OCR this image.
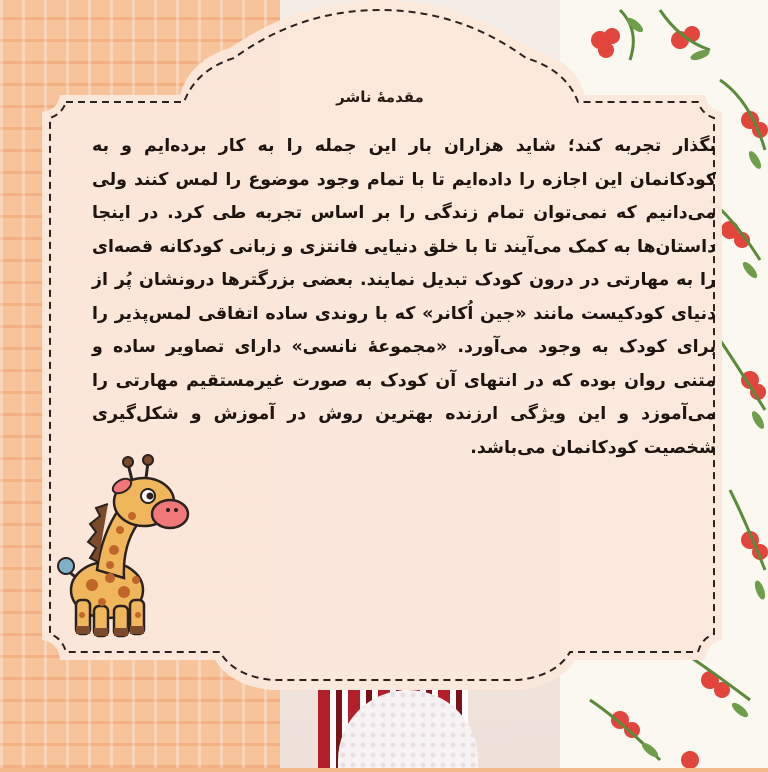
مقدمهٔ ناشر
بگذار تجربه کند؛ شاید هزاران بار این جمله را به کار برده‌ایم و به کودکانمان این اجازه را داده‌ایم تا با تمام وجود موضوع را لمس کنند ولی می‌دانیم که نمی‌توان تمام زندگی را بر اساس تجربه طی کرد. در اینجا داستان‌ها به کمک می‌آیند تا با خلق دنیایی فانتزی و زبانی کودکانه قصه‌ای را به مهارتی در درون کودک تبدیل نمایند. بعضی بزرگترها درونشان پُر از دنیای کودکیست مانند «جین اُکانر» که با روندی ساده اتفاقی لمس‌پذیر را برای کودک به وجود می‌آورد. «مجموعهٔ نانسی» دارای تصاویر ساده و متنی روان بوده که در انتهای آن کودک به صورت غیرمستقیم مهارتی را می‌آموزد و این ویژگی ارزنده بهترین روش در آموزش و شکل‌گیری شخصیت کودکانمان می‌باشد.
